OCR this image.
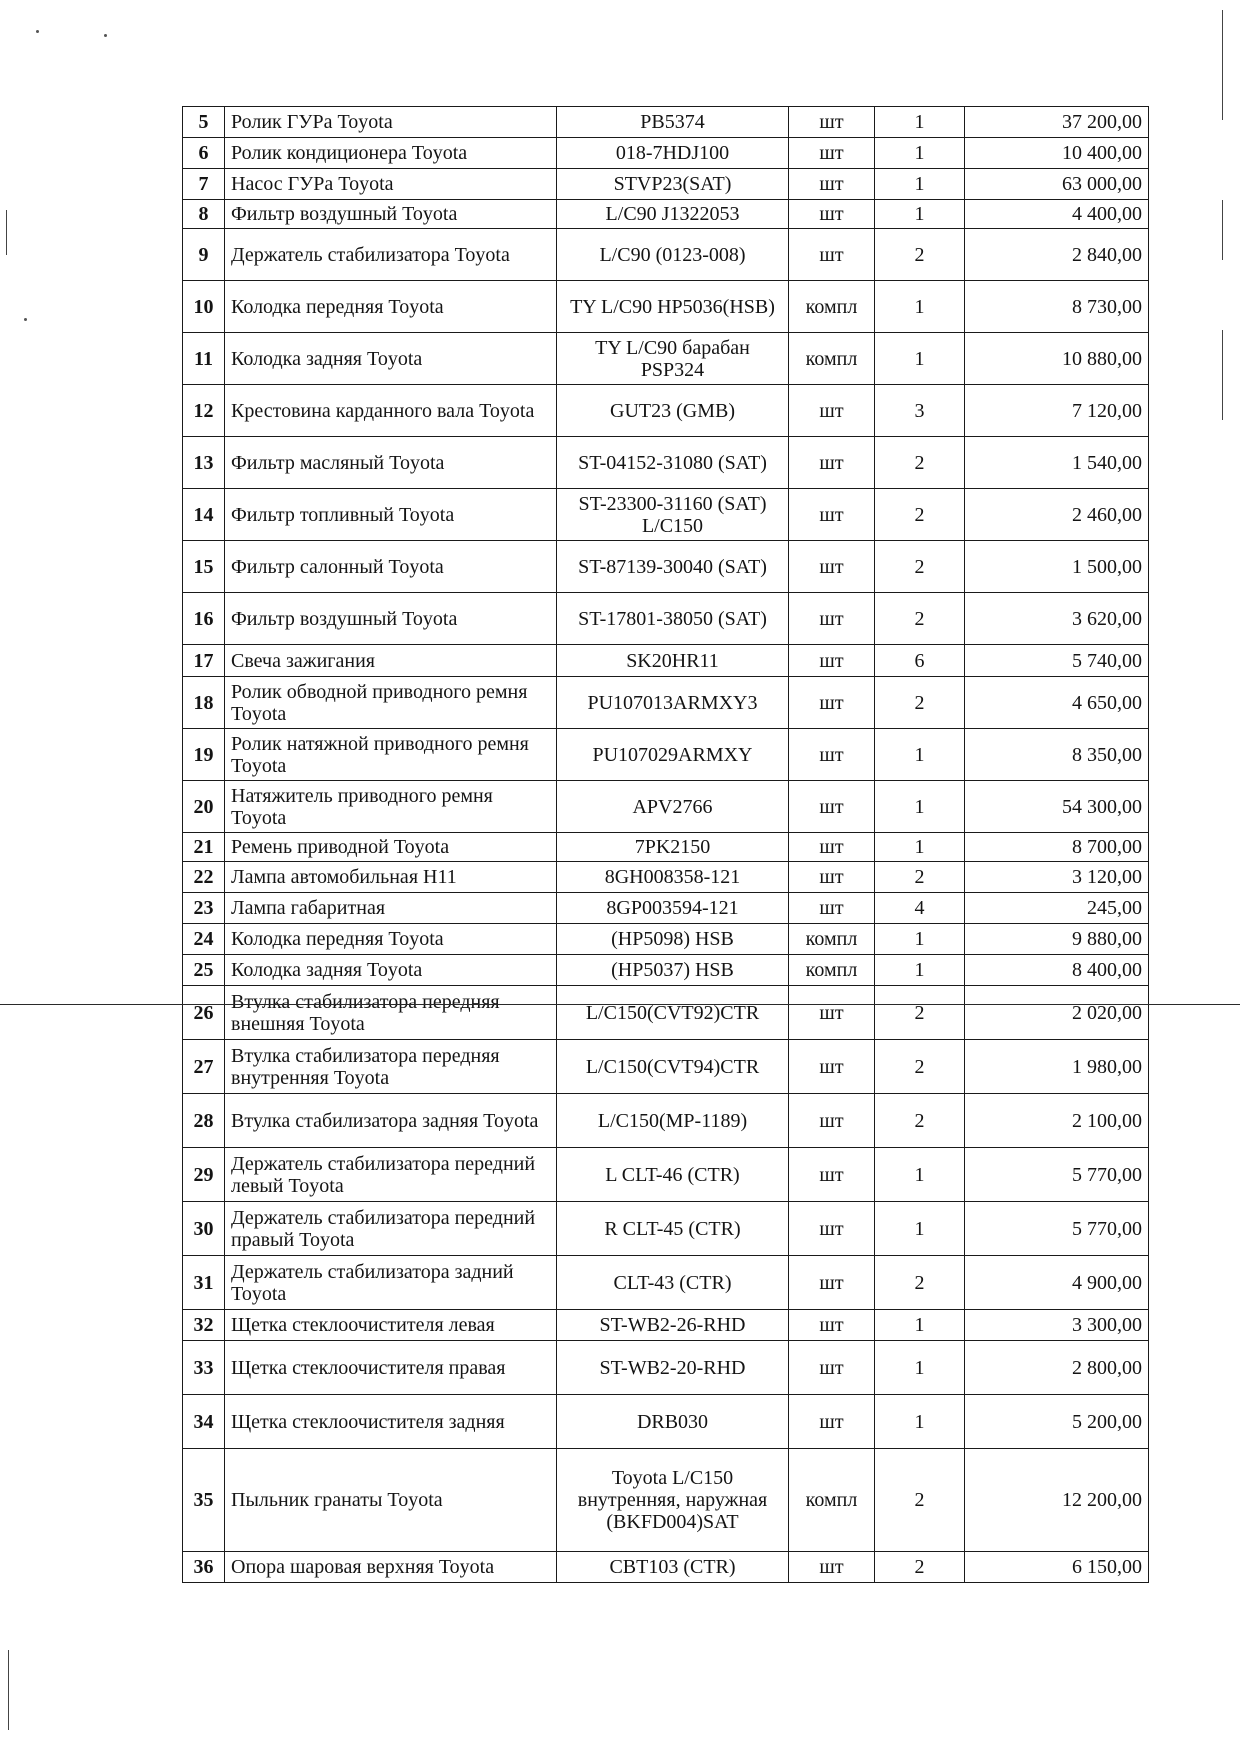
5	Ролик ГУРа Toyota	PB5374	шт	1	37 200,00
6	Ролик кондиционера Toyota	018-7HDJ100	шт	1	10 400,00
7	Насос ГУРа Toyota	STVP23(SAT)	шт	1	63 000,00
8	Фильтр воздушный Toyota	L/C90 J1322053	шт	1	4 400,00
9	Держатель стабилизатора Toyota	L/C90 (0123-008)	шт	2	2 840,00
10	Колодка передняя Toyota	TY L/C90 HP5036(HSB)	компл	1	8 730,00
11	Колодка задняя Toyota	TY L/C90 барабан PSP324	компл	1	10 880,00
12	Крестовина карданного вала Toyota	GUT23 (GMB)	шт	3	7 120,00
13	Фильтр масляный Toyota	ST-04152-31080 (SAT)	шт	2	1 540,00
14	Фильтр топливный Toyota	ST-23300-31160 (SAT) L/C150	шт	2	2 460,00
15	Фильтр салонный Toyota	ST-87139-30040 (SAT)	шт	2	1 500,00
16	Фильтр воздушный Toyota	ST-17801-38050 (SAT)	шт	2	3 620,00
17	Свеча зажигания	SK20HR11	шт	6	5 740,00
18	Ролик обводной приводного ремня Toyota	PU107013ARMXY3	шт	2	4 650,00
19	Ролик натяжной приводного ремня Toyota	PU107029ARMXY	шт	1	8 350,00
20	Натяжитель приводного ремня Toyota	APV2766	шт	1	54 300,00
21	Ремень приводной Toyota	7PK2150	шт	1	8 700,00
22	Лампа автомобильная H11	8GH008358-121	шт	2	3 120,00
23	Лампа габаритная	8GP003594-121	шт	4	245,00
24	Колодка передняя Toyota	(HP5098) HSB	компл	1	9 880,00
25	Колодка задняя Toyota	(HP5037) HSB	компл	1	8 400,00
26	Втулка стабилизатора передняя внешняя Toyota	L/C150(CVT92)CTR	шт	2	2 020,00
27	Втулка стабилизатора передняя внутренняя Toyota	L/C150(CVT94)CTR	шт	2	1 980,00
28	Втулка стабилизатора задняя Toyota	L/C150(MP-1189)	шт	2	2 100,00
29	Держатель стабилизатора передний левый Toyota	L CLT-46 (CTR)	шт	1	5 770,00
30	Держатель стабилизатора передний правый Toyota	R CLT-45 (CTR)	шт	1	5 770,00
31	Держатель стабилизатора задний Toyota	CLT-43 (CTR)	шт	2	4 900,00
32	Щетка стеклоочистителя левая	ST-WB2-26-RHD	шт	1	3 300,00
33	Щетка стеклоочистителя правая	ST-WB2-20-RHD	шт	1	2 800,00
34	Щетка стеклоочистителя задняя	DRB030	шт	1	5 200,00
35	Пыльник гранаты Toyota	Toyota L/C150 внутренняя, наружная (BKFD004)SAT	компл	2	12 200,00
36	Опора шаровая верхняя Toyota	CBT103 (CTR)	шт	2	6 150,00
